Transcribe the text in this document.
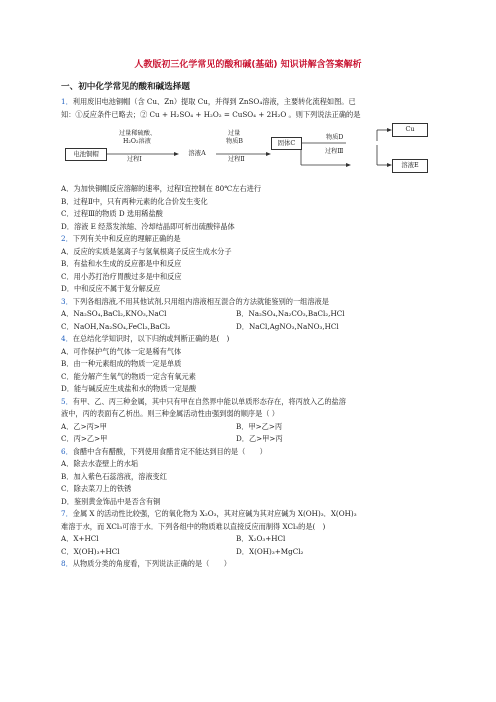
人教版初三化学常见的酸和碱(基础) 知识讲解含答案解析
一、初中化学常见的酸和碱选择题

1．利用废旧电池铜帽（含 Cu、Zn）提取 Cu，并得到 ZnSO₄溶液，主要转化流程如图。已

知：①反应条件已略去；② Cu + H₂SO₄ + H₂O₂ = CuSO₄ + 2H₂O 。则下列说法正确的是

电池铜帽
过量稀硫酸、
H₂O₂溶液
过程Ⅰ
溶液A
过量
物质B
过程Ⅱ
固体C
物质D
过程Ⅲ
Cu
溶液E

A．为加快铜帽反应溶解的速率，过程Ⅰ宜控制在 80℃左右进行

B．过程Ⅱ中，只有两种元素的化合价发生变化

C．过程Ⅲ的物质 D 选用稀盐酸

D．溶液 E 经蒸发浓缩、冷却结晶即可析出硫酸锌晶体

2．下列有关中和反应的理解正确的是

A．反应的实质是氢离子与氢氧根离子反应生成水分子

B．有盐和水生成的反应都是中和反应

C．用小苏打治疗胃酸过多是中和反应

D．中和反应不属于复分解反应

3．下列各组溶液,不用其他试剂,只用组内溶液相互混合的方法就能鉴别的一组溶液是

A．Na₂SO₄,BaCl₂,KNO₃,NaCl	B．Na₂SO₄,Na₂CO₃,BaCl₂,HCl
C．NaOH,Na₂SO₄,FeCl₃,BaCl₂	D．NaCl,AgNO₃,NaNO₃,HCl

4．在总结化学知识时，以下归纳或判断正确的是(　)

A．可作保护气的气体一定是稀有气体

B．由一种元素组成的物质一定是单质

C．能分解产生氧气的物质一定含有氧元素

D．能与碱反应生成盐和水的物质一定是酸

5．有甲、乙、丙三种金属，其中只有甲在自然界中能以单质形态存在，将丙放入乙的盐溶

液中，丙的表面有乙析出。则三种金属活动性由强到弱的顺序是（ ）

A．乙>丙>甲	B．甲>乙>丙
C．丙>乙>甲	D．乙>甲>丙

6．食醋中含有醋酸，下列使用食醋肯定不能达到目的是（　　）

A．除去水壶壁上的水垢

B．加入紫色石蕊溶液，溶液变红

C．除去菜刀上的铁锈

D．鉴别黄金饰品中是否含有铜

7．金属 X 的活动性比较强，它的氧化物为 X₂O₃，其对应碱为其对应碱为 X(OH)₃．X(OH)₃

难溶于水，而 XCl₃可溶于水．下列各组中的物质难以直接反应而制得 XCl₃的是(　)

A．X+HCl	B．X₂O₃+HCl
C．X(OH)₃+HCl	D．X(OH)₃+MgCl₂

8．从物质分类的角度看，下列说法正确的是（　　）
